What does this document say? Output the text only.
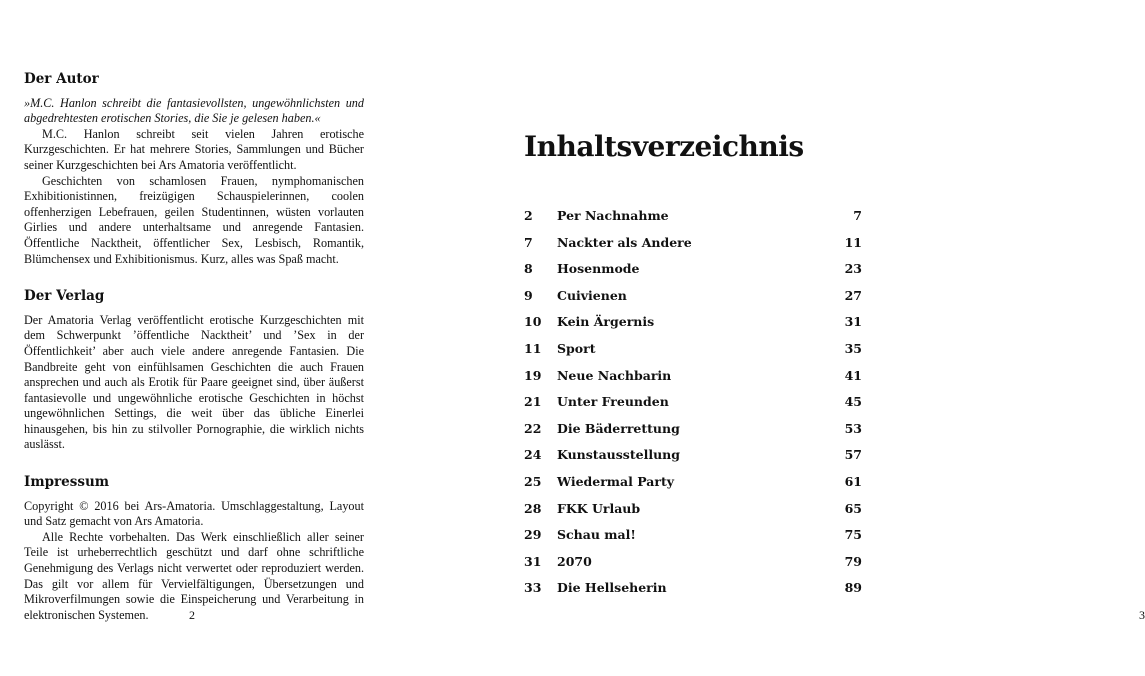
Der Autor

»M.C. Hanlon schreibt die fantasievollsten, ungewöhnlichsten und abgedrehtesten erotischen Stories, die Sie je gelesen haben.«

M.C. Hanlon schreibt seit vielen Jahren erotische Kurzgeschichten. Er hat mehrere Stories, Sammlungen und Bücher seiner Kurzgeschichten bei Ars Amatoria veröffentlicht.

Geschichten von schamlosen Frauen, nymphomanischen Exhibitionistinnen, freizügigen Schauspielerinnen, coolen offenherzigen Lebefrauen, geilen Studentinnen, wüsten vorlauten Girlies und andere unterhaltsame und anregende Fantasien. Öffentliche Nacktheit, öffentlicher Sex, Lesbisch, Romantik, Blümchensex und Exhibitionismus. Kurz, alles was Spaß macht.

Der Verlag

Der Amatoria Verlag veröffentlicht erotische Kurzgeschichten mit dem Schwerpunkt ’öffentliche Nacktheit’ und ’Sex in der Öffentlichkeit’ aber auch viele andere anregende Fantasien. Die Bandbreite geht von einfühlsamen Geschichten die auch Frauen ansprechen und auch als Erotik für Paare geeignet sind, über äußerst fantasievolle und ungewöhnliche erotische Geschichten in höchst ungewöhnlichen Settings, die weit über das übliche Einerlei hinausgehen, bis hin zu stilvoller Pornographie, die wirklich nichts auslässt.

Impressum

Copyright © 2016 bei Ars-Amatoria. Umschlaggestaltung, Layout und Satz gemacht von Ars Amatoria.

Alle Rechte vorbehalten. Das Werk einschließlich aller seiner Teile ist urheberrechtlich geschützt und darf ohne schriftliche Genehmigung des Verlags nicht verwertet oder reproduziert werden. Das gilt vor allem für Vervielfältigungen, Übersetzungen und Mikroverfilmungen sowie die Einspeicherung und Verarbeitung in elektronischen Systemen.	2
Inhaltsverzeichnis
2	Per Nachnahme	7
7	Nackter als Andere	11
8	Hosenmode	23
9	Cuivienen	27
10	Kein Ärgernis	31
11	Sport	35
19	Neue Nachbarin	41
21	Unter Freunden	45
22	Die Bäderrettung	53
24	Kunstausstellung	57
25	Wiedermal Party	61
28	FKK Urlaub	65
29	Schau mal!	75
31	2070	79
33	Die Hellseherin	89
3
